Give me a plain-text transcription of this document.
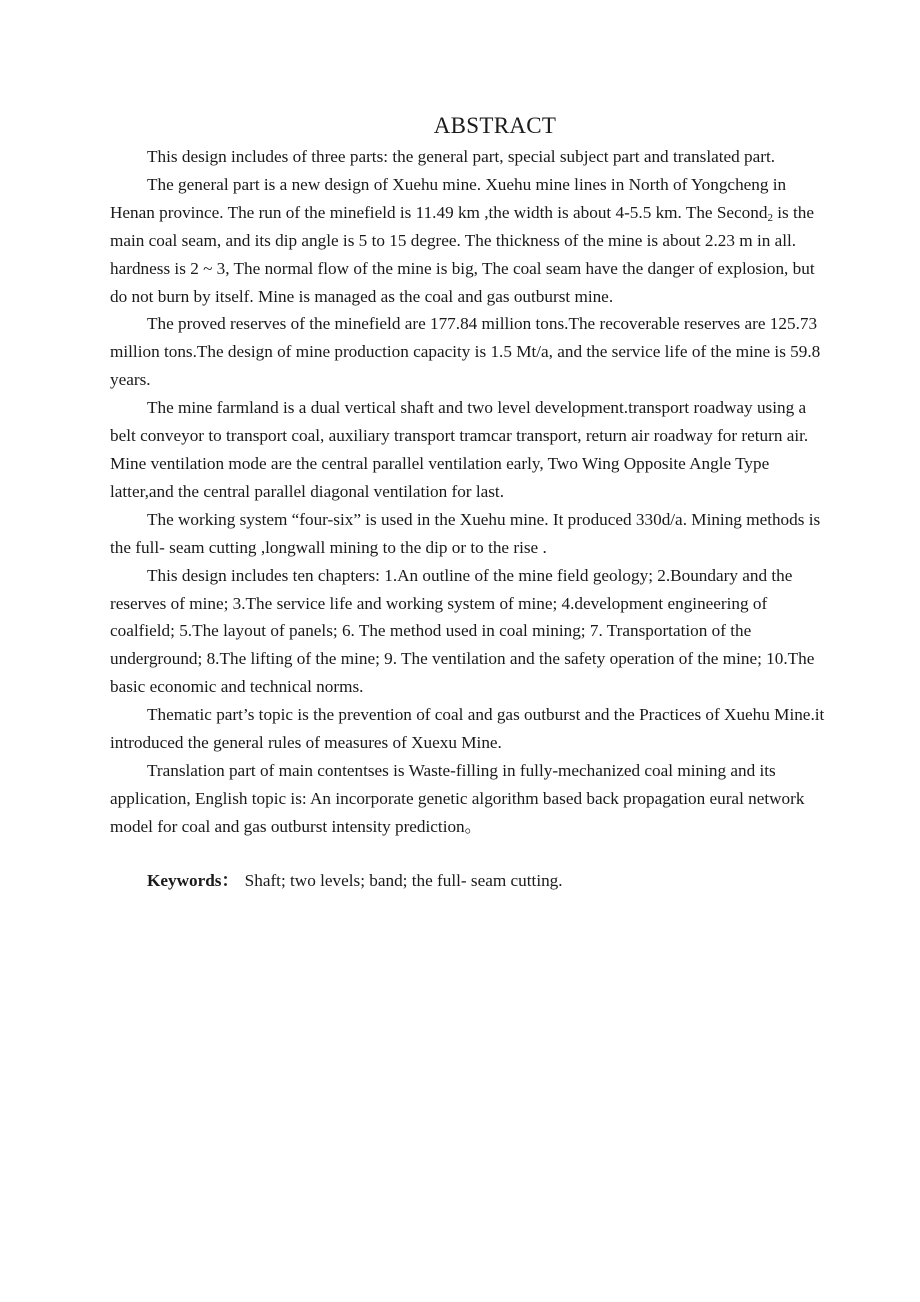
ABSTRACT

This design includes of three parts: the general part, special subject part and translated part.

The general part is a new design of Xuehu mine. Xuehu mine lines in North of Yongcheng in Henan province. The run of the minefield is 11.49 km ,the width is about 4-5.5 km. The Second$_2$ is the main coal seam, and its dip angle is 5 to 15 degree. The thickness of the mine is about 2.23 m in all. hardness is 2 ~ 3, The normal flow of the mine is big, The coal seam have the danger of explosion, but do not burn by itself. Mine is managed as the coal and gas outburst mine.

The proved reserves of the minefield are 177.84 million tons.The recoverable reserves are 125.73 million tons.The design of mine production capacity is 1.5 Mt/a, and the service life of the mine is 59.8 years.

The mine farmland is a dual vertical shaft and two level development.transport roadway using a belt conveyor to transport coal, auxiliary transport tramcar transport, return air roadway for return air. Mine ventilation mode are the central parallel ventilation early, Two Wing Opposite Angle Type latter,and the central parallel diagonal ventilation for last.

The working system “four-six” is used in the Xuehu mine. It produced 330d/a. Mining methods is the full- seam cutting ,longwall mining to the dip or to the rise .

This design includes ten chapters: 1.An outline of the mine field geology; 2.Boundary and the reserves of mine; 3.The service life and working system of mine; 4.development engineering of coalfield; 5.The layout of panels; 6. The method used in coal mining; 7. Transportation of the underground; 8.The lifting of the mine; 9. The ventilation and the safety operation of the mine; 10.The basic economic and technical norms.

Thematic part’s topic is the prevention of coal and gas outburst and the Practices of Xuehu Mine.it introduced the general rules of measures of Xuexu Mine.

Translation part of main contentses is Waste-filling in fully-mechanized coal mining and its application, English topic is: An incorporate genetic algorithm based back propagation eural network model for coal and gas outburst intensity prediction。

Keywords： Shaft; two levels; band; the full- seam cutting.
